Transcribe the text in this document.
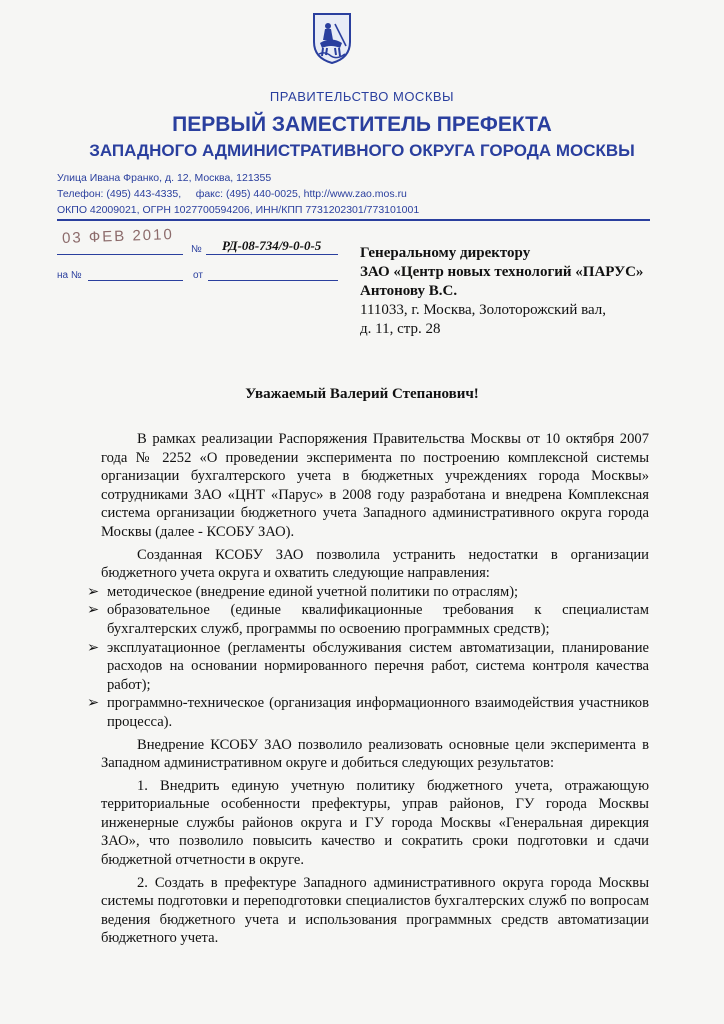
ПРАВИТЕЛЬСТВО МОСКВЫ
ПЕРВЫЙ ЗАМЕСТИТЕЛЬ ПРЕФЕКТА
ЗАПАДНОГО АДМИНИСТРАТИВНОГО ОКРУГА ГОРОДА МОСКВЫ
Улица Ивана Франко, д. 12, Москва, 121355
Телефон: (495) 443-4335,     факс: (495) 440-0025, http://www.zao.mos.ru
ОКПО 42009021, ОГРН 1027700594206, ИНН/КПП 7731202301/773101001
03 ФЕВ 2010
№ РД-08-734/9-0-0-5
на №	от
Генеральному директору
ЗАО «Центр новых технологий «ПАРУС»
Антонову В.С.
111033, г. Москва, Золоторожский вал,
д. 11, стр. 28
Уважаемый Валерий Степанович!

В рамках реализации Распоряжения Правительства Москвы от 10 октября 2007 года № 2252 «О проведении эксперимента по построению комплексной системы организации бухгалтерского учета в бюджетных учреждениях города Москвы» сотрудниками ЗАО «ЦНТ «Парус» в 2008 году разработана и внедрена Комплексная система организации бюджетного учета Западного административного округа города Москвы (далее - КСОБУ ЗАО).

Созданная КСОБУ ЗАО позволила устранить недостатки в организации бюджетного учета округа и охватить следующие направления:

➢ методическое (внедрение единой учетной политики по отраслям);
➢ образовательное (единые квалификационные требования к специалистам бухгалтерских служб, программы по освоению программных средств);
➢ эксплуатационное (регламенты обслуживания систем автоматизации, планирование расходов на основании нормированного перечня работ, система контроля качества работ);
➢ программно-техническое (организация информационного взаимодействия участников процесса).

Внедрение КСОБУ ЗАО позволило реализовать основные цели эксперимента в Западном административном округе и добиться следующих результатов:

1. Внедрить единую учетную политику бюджетного учета, отражающую территориальные особенности префектуры, управ районов, ГУ города Москвы инженерные службы районов округа и ГУ города Москвы «Генеральная дирекция ЗАО», что позволило повысить качество и сократить сроки подготовки и сдачи бюджетной отчетности в округе.

2. Создать в префектуре Западного административного округа города Москвы системы подготовки и переподготовки специалистов бухгалтерских служб по вопросам ведения бюджетного учета и использования программных средств автоматизации бюджетного учета.
